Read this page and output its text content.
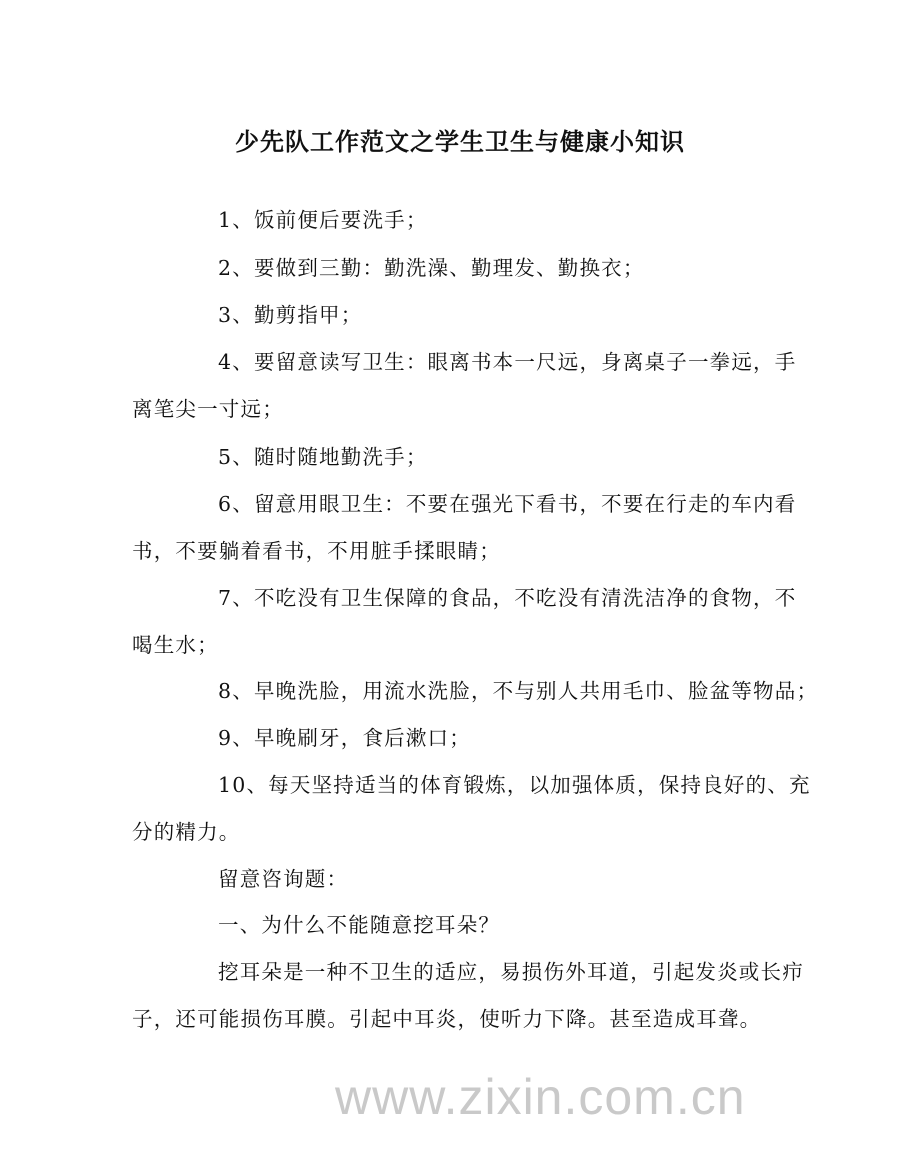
少先队工作范文之学生卫生与健康小知识
1、饭前便后要洗手；
2、要做到三勤：勤洗澡、勤理发、勤换衣；
3、勤剪指甲；
4、要留意读写卫生：眼离书本一尺远，身离桌子一拳远，手
离笔尖一寸远；
5、随时随地勤洗手；
6、留意用眼卫生：不要在强光下看书，不要在行走的车内看
书，不要躺着看书，不用脏手揉眼睛；
7、不吃没有卫生保障的食品，不吃没有清洗洁净的食物，不
喝生水；
8、早晚洗脸，用流水洗脸，不与别人共用毛巾、脸盆等物品；
9、早晚刷牙，食后漱口；
10、每天坚持适当的体育锻炼，以加强体质，保持良好的、充
分的精力。
留意咨询题：
一、为什么不能随意挖耳朵？
挖耳朵是一种不卫生的适应，易损伤外耳道，引起发炎或长疖
子，还可能损伤耳膜。引起中耳炎，使听力下降。甚至造成耳聋。
www.zixin.com.cn
